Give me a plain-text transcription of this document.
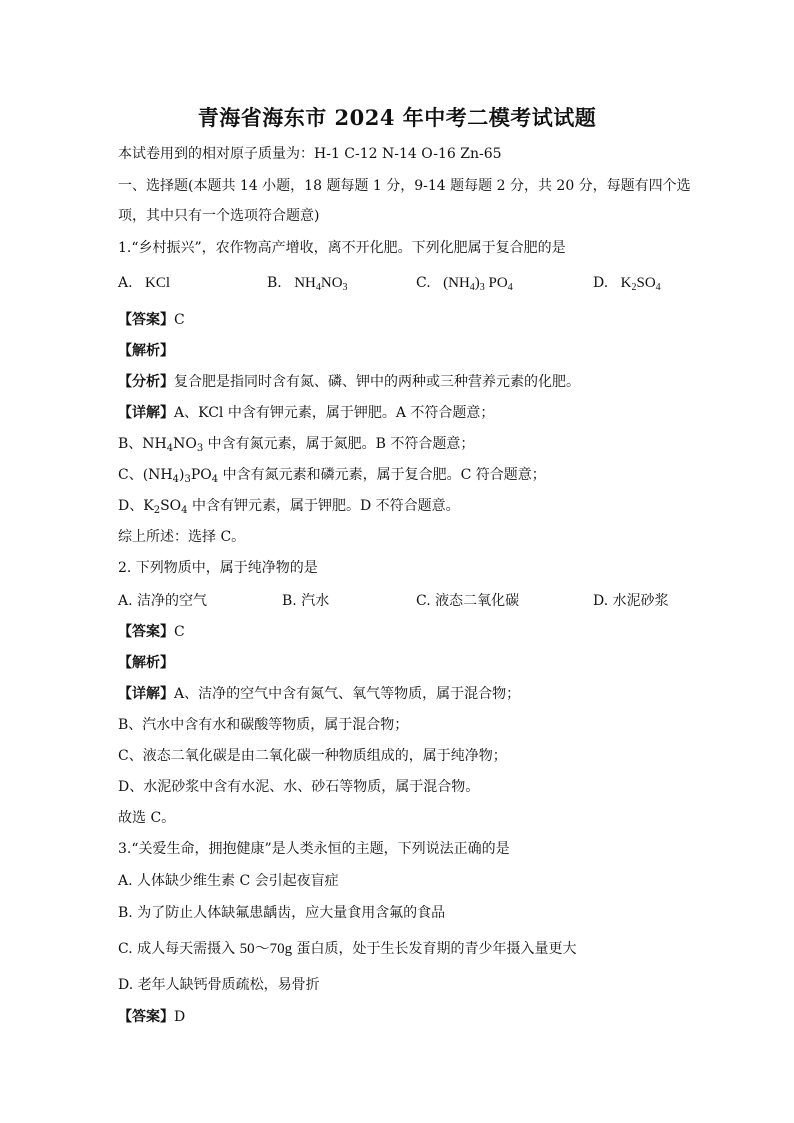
青海省海东市 2024 年中考二模考试试题
本试卷用到的相对原子质量为：H-1 C-12 N-14 O-16 Zn-65
一、选择题(本题共 14 小题，18 题每题 1 分，9-14 题每题 2 分，共 20 分，每题有四个选
项，其中只有一个选项符合题意)
1.“乡村振兴”，农作物高产增收，离不开化肥。下列化肥属于复合肥的是
A. KCl	B. $NH_4NO_3$	C. $(NH_4)_3$ $PO_4$	D. $K_2SO_4$
【答案】C
【解析】
【分析】复合肥是指同时含有氮、磷、钾中的两种或三种营养元素的化肥。
【详解】A、KCl 中含有钾元素，属于钾肥。A 不符合题意；
B、$NH_4NO_3$ 中含有氮元素，属于氮肥。B 不符合题意；
C、$(NH_4)_3PO_4$ 中含有氮元素和磷元素，属于复合肥。C 符合题意；
D、$K_2SO_4$ 中含有钾元素，属于钾肥。D 不符合题意。
综上所述：选择 C。
2. 下列物质中，属于纯净物的是
A. 洁净的空气	B. 汽水	C. 液态二氧化碳	D. 水泥砂浆
【答案】C
【解析】
【详解】A、洁净的空气中含有氮气、氧气等物质，属于混合物；
B、汽水中含有水和碳酸等物质，属于混合物；
C、液态二氧化碳是由二氧化碳一种物质组成的，属于纯净物；
D、水泥砂浆中含有水泥、水、砂石等物质，属于混合物。
故选 C。
3.“关爱生命，拥抱健康”是人类永恒的主题，下列说法正确的是
A. 人体缺少维生素 C 会引起夜盲症
B. 为了防止人体缺氟患龋齿，应大量食用含氟的食品
C. 成人每天需摄入 50～70g 蛋白质，处于生长发育期的青少年摄入量更大
D. 老年人缺钙骨质疏松，易骨折
【答案】D
